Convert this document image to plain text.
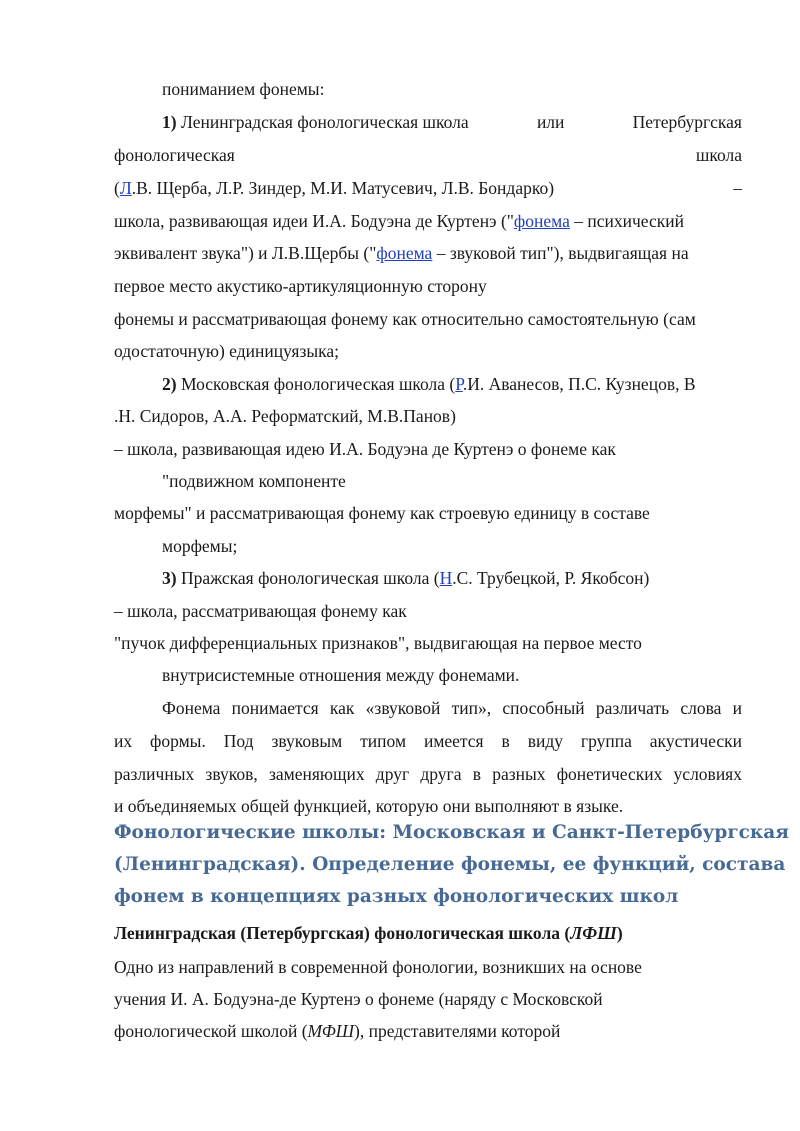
пониманием фонемы:
1) Ленинградская фонологическая школа	или	Петербургская
фонологическая	школа
(Л.В. Щерба, Л.Р. Зиндер, М.И. Матусевич, Л.В. Бондарко)	–
школа, развивающая идеи И.А. Бодуэна де Куртенэ ("фонема – психический
эквивалент звука") и Л.В.Щербы ("фонема – звуковой тип"), выдвигаящая на
первое место акустико-артикуляционную сторону
фонемы и рассматривающая фонему как относительно самостоятельную (сам
одостаточную) единицуязыка;
2) Московская фонологическая школа (Р.И. Аванесов, П.С. Кузнецов, В
.Н. Сидоров, А.А. Реформатский, М.В.Панов)
– школа, развивающая идею И.А. Бодуэна де Куртенэ о фонеме как
"подвижном компоненте
морфемы" и рассматривающая фонему как строевую единицу в составе
морфемы;
3) Пражская фонологическая школа (Н.С. Трубецкой, Р. Якобсон)
– школа, рассматривающая фонему как
"пучок дифференциальных признаков", выдвигающая на первое место
внутрисистемные отношения между фонемами.
Фонема понимается как «звуковой тип», способный различать слова и
их формы. Под звуковым типом имеется в виду группа акустически
различных звуков, заменяющих друг друга в разных фонетических условиях
и объединяемых общей функцией, которую они выполняют в языке.
Фонологические школы: Московская и Санкт-Петербургская
(Ленинградская). Определение фонемы, ее функций, состава
фонем в концепциях разных фонологических школ
Ленинградская (Петербургская) фонологическая школа (ЛФШ)
Одно из направлений в современной фонологии, возникших на основе
учения И. А. Бодуэна-де Куртенэ о фонеме (наряду с Московской
фонологической школой (МФШ), представителями которой
